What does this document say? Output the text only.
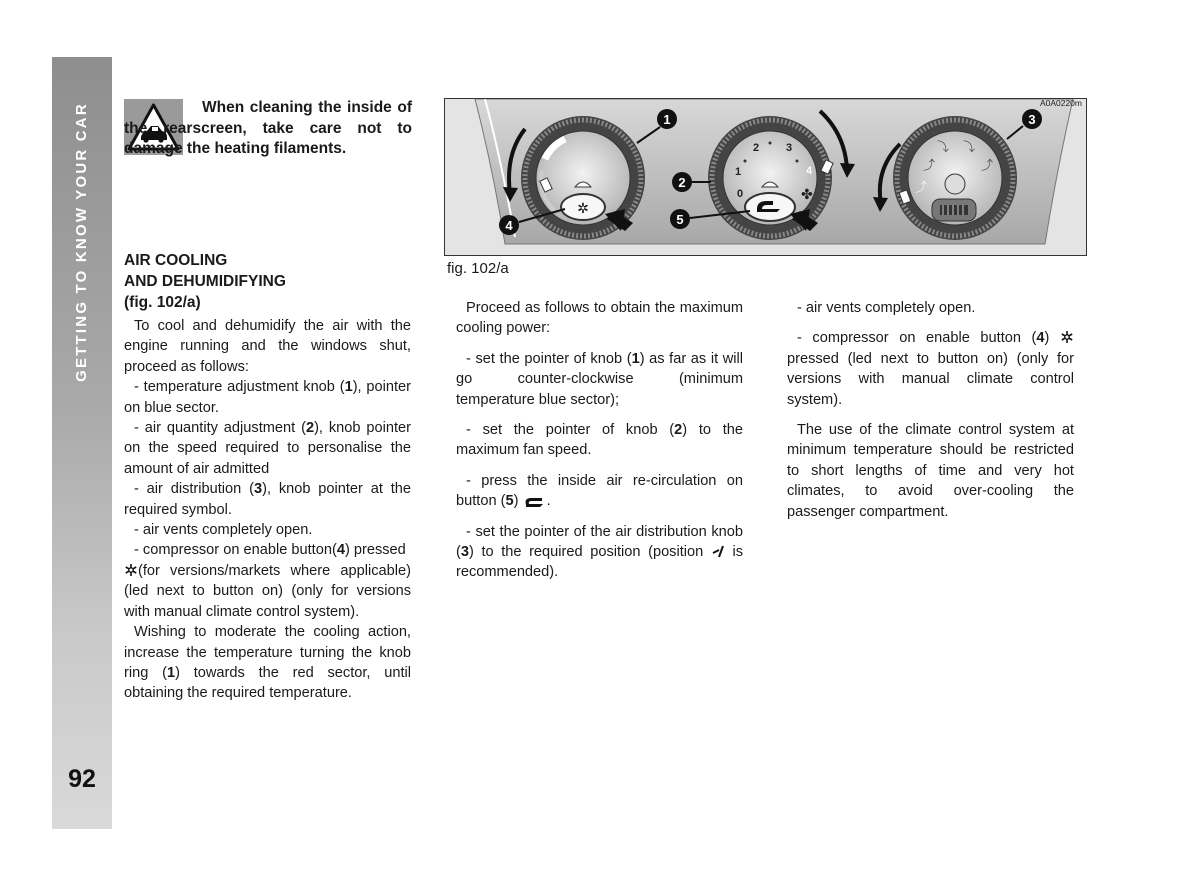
GETTING TO KNOW YOUR CAR
92
When cleaning the inside of the rearscreen, take care not to damage the heating filaments.
AIR COOLING
AND DEHUMIDIFYING
(fig. 102/a)
A0A0220m
✲
0
1
2 3
4
✤
⤴
⤵ ⤵
⤴
⤴
1
2
3
4	5
fig. 102/a

To cool and dehumidify the air with the engine running and the windows shut, proceed as follows:

- temperature adjustment knob (1), pointer on blue sector.

- air quantity adjustment (2), knob pointer on the speed required to personalise the amount of air admitted

- air distribution (3), knob pointer at the required symbol.

- air vents completely open.

- compressor on enable button(4) pressed
(for versions/markets where applicable) (led next to button on) (only for versions with manual climate control system).

Wishing to moderate the cooling action, increase the temperature turning the knob ring (1) towards the red sector, until obtaining the required temperature.

Proceed as follows to obtain the maximum cooling power:

- set the pointer of knob (1) as far as it will go counter-clockwise (minimum temperature blue sector);

- set the pointer of knob (2) to the maximum fan speed.

- press the inside air re-circulation on button (5) .

- set the pointer of the air distribution knob (3) to the required position (position is recommended).

- air vents completely open.

- compressor on enable button (4)  pressed (led next to button on) (only for versions with manual climate control system).

The use of the climate control system at minimum temperature should be restricted to short lengths of time and very hot climates, to avoid over-cooling the passenger compartment.
